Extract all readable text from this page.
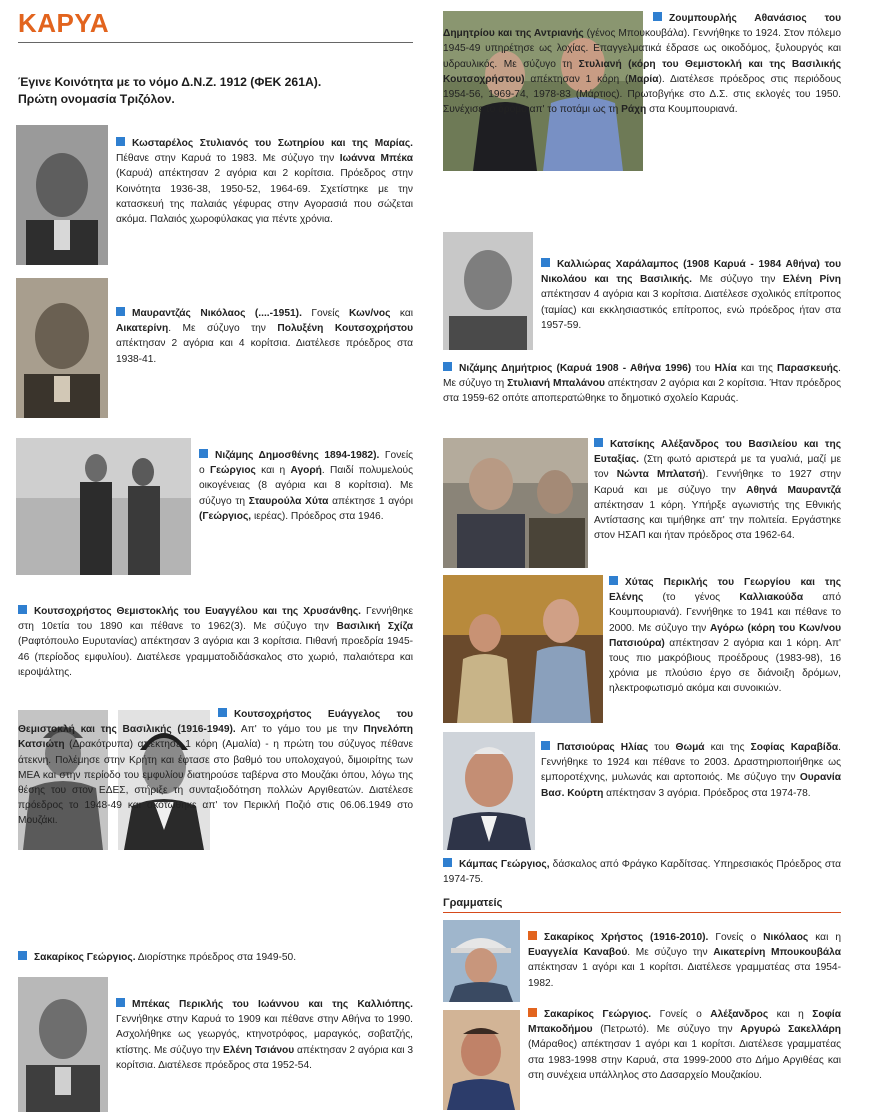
ΚΑΡΥΑ
Έγινε Κοινότητα με το νόμο Δ.Ν.Ζ. 1912 (ΦΕΚ 261Α).
Πρώτη ονομασία Τριζόλον.
Κωσταρέλος Στυλιανός του Σωτηρίου και της Μαρίας. Πέθανε στην Καρυά το 1983. Με σύζυγο την Ιωάννα Μπέκα (Καρυά) απέκτησαν 2 αγόρια και 2 κορίτσια. Πρόεδρος στην Κοινότητα 1936-38, 1950-52, 1964-69. Σχετίστηκε με την κατασκευή της παλαιάς γέφυρας στην Αγορασιά που σώζεται ακόμα. Παλαιός χωροφύλακας για πέντε χρόνια.
Μαυραντζάς Νικόλαος (....-1951). Γονείς Κων/νος και Αικατερίνη. Με σύζυγο την Πολυξένη Κουτσοχρήστου απέκτησαν 2 αγόρια και 4 κορίτσια. Διατέλεσε πρόεδρος στα 1938-41.
Νιζάμης Δημοσθένης 1894-1982). Γονείς ο Γεώργιος και η Αγορή. Παιδί πολυμελούς οικογένειας (8 αγόρια και 8 κορίτσια). Με σύζυγο τη Σταυρούλα Χύτα απέκτησε 1 αγόρι (Γεώργιος, ιερέας). Πρόεδρος στα 1946.
Κουτσοχρήστος Θεμιστοκλής του Ευαγγέλου και της Χρυσάνθης. Γεννήθηκε στη 10ετία του 1890 και πέθανε το 1962(3). Με σύζυγο την Βασιλική Σχίζα (Ραφτόπουλο Ευρυτανίας) απέκτησαν 3 αγόρια και 3 κορίτσια. Πιθανή προεδρία 1945-46 (περίοδος εμφυλίου). Διατέλεσε γραμματοδιδάσκαλος στο χωριό, παλαιότερα και ιεροψάλτης.
Κουτσοχρήστος Ευάγγελος του Θεμιστοκλή και της Βασιλικής (1916-1949). Απ' το γάμο του με την Πηνελόπη Κατσιώτη (Δρακότρυπα) απέκτησε 1 κόρη (Αμαλία) - η πρώτη του σύζυγος πέθανε άτεκνη. Πολέμησε στην Κρήτη και έφτασε στο βαθμό του υπολοχαγού, διμοιρίτης των ΜΕΑ και στην περίοδο του εμφυλίου διατηρούσε ταβέρνα στο Μουζάκι όπου, λόγω της θέσης του στον ΕΔΕΣ, στήριξε τη συνταξιοδότηση πολλών Αργιθεατών. Διατέλεσε πρόεδρος το 1948-49 και σκοτώθηκε απ' τον Περικλή Ποζιό στις 06.06.1949 στο Μουζάκι.
Σακαρίκος Γεώργιος. Διορίστηκε πρόεδρος στα 1949-50.
Μπέκας Περικλής του Ιωάννου και της Καλλιόπης. Γεννήθηκε στην Καρυά το 1909 και πέθανε στην Αθήνα το 1990. Ασχολήθηκε ως γεωργός, κτηνοτρόφος, μαραγκός, σοβατζής, κτίστης. Με σύζυγο την Ελένη Τσιάνου απέκτησαν 2 αγόρια και 3 κορίτσια. Διατέλεσε πρόεδρος στα 1952-54.
Ζουμπουρλής Αθανάσιος του Δημητρίου και της Αντριανής (γένος Μπουκουβάλα). Γεννήθηκε το 1924. Στον πόλεμο 1945-49 υπηρέτησε ως λοχίας. Επαγγελματικά έδρασε ως οικοδόμος, ξυλουργός και υδραυλικός. Με σύζυγο τη Στυλιανή (κόρη του Θεμιστοκλή και της Βασιλικής Κουτσοχρήστου) απέκτησαν 1 κόρη (Μαρία). Διατέλεσε πρόεδρος στις περιόδους 1954-56, 1969-74, 1978-83 (Μάρτιος). Πρωτοβγήκε στο Δ.Σ. στις εκλογές του 1950. Συνέχισε το δρόμο απ' το ποτάμι ως τη Ράχη στα Κουμπουριανά.
Καλλιώρας Χαράλαμπος (1908 Καρυά - 1984 Αθήνα) του Νικολάου και της Βασιλικής. Με σύζυγο την Ελένη Ρίνη απέκτησαν 4 αγόρια και 3 κορίτσια. Διατέλεσε σχολικός επίτροπος (ταμίας) και εκκλησιαστικός επίτροπος, ενώ πρόεδρος ήταν στα 1957-59.
Νιζάμης Δημήτριος (Καρυά 1908 - Αθήνα 1996) του Ηλία και της Παρασκευής. Με σύζυγο τη Στυλιανή Μπαλάνου απέκτησαν 2 αγόρια και 2 κορίτσια. Ήταν πρόεδρος στα 1959-62 οπότε αποπερατώθηκε το δημοτικό σχολείο Καρυάς.
Κατσίκης Αλέξανδρος του Βασιλείου και της Ευταξίας. (Στη φωτό αριστερά με τα γυαλιά, μαζί με τον Νώντα Μπλατσή). Γεννήθηκε το 1927 στην Καρυά και με σύζυγο την Αθηνά Μαυραντζά απέκτησαν 1 κόρη. Υπήρξε αγωνιστής της Εθνικής Αντίστασης και τιμήθηκε απ' την πολιτεία. Εργάστηκε στον ΗΣΑΠ και ήταν πρόεδρος στα 1962-64.
Χύτας Περικλής του Γεωργίου και της Ελένης (το γένος Καλλιακούδα από Κουμπουριανά). Γεννήθηκε το 1941 και πέθανε το 2000. Με σύζυγο την Αγόρω (κόρη του Κων/νου Πατσιούρα) απέκτησαν 2 αγόρια και 1 κόρη. Απ' τους πιο μακρόβιους προέδρους (1983-98), 16 χρόνια με πλούσιο έργο σε διάνοιξη δρόμων, ηλεκτροφωτισμό ακόμα και συνοικιών.
Πατσιούρας Ηλίας του Θωμά και της Σοφίας Καραβίδα. Γεννήθηκε το 1924 και πέθανε το 2003. Δραστηριοποιήθηκε ως εμποροτέχνης, μυλωνάς και αρτοποιός. Με σύζυγο την Ουρανία Βασ. Κούρτη απέκτησαν 3 αγόρια. Πρόεδρος στα 1974-78.
Κάμπας Γεώργιος, δάσκαλος από Φράγκο Καρδίτσας. Υπηρεσιακός Πρόεδρος στα 1974-75.
Γραμματείς
Σακαρίκος Χρήστος (1916-2010). Γονείς ο Νικόλαος και η Ευαγγελία Καναβού. Με σύζυγο την Αικατερίνη Μπουκουβάλα απέκτησαν 1 αγόρι και 1 κορίτσι. Διατέλεσε γραμματέας στα 1954-1982.
Σακαρίκος Γεώργιος. Γονείς ο Αλέξανδρος και η Σοφία Μπακοδήμου (Πετρωτό). Με σύζυγο την Αργυρώ Σακελλάρη (Μάραθος) απέκτησαν 1 αγόρι και 1 κορίτσι. Διατέλεσε γραμματέας στα 1983-1998 στην Καρυά, στα 1999-2000 στο Δήμο Αργιθέας και στη συνέχεια υπάλληλος στο Δασαρχείο Μουζακίου.
